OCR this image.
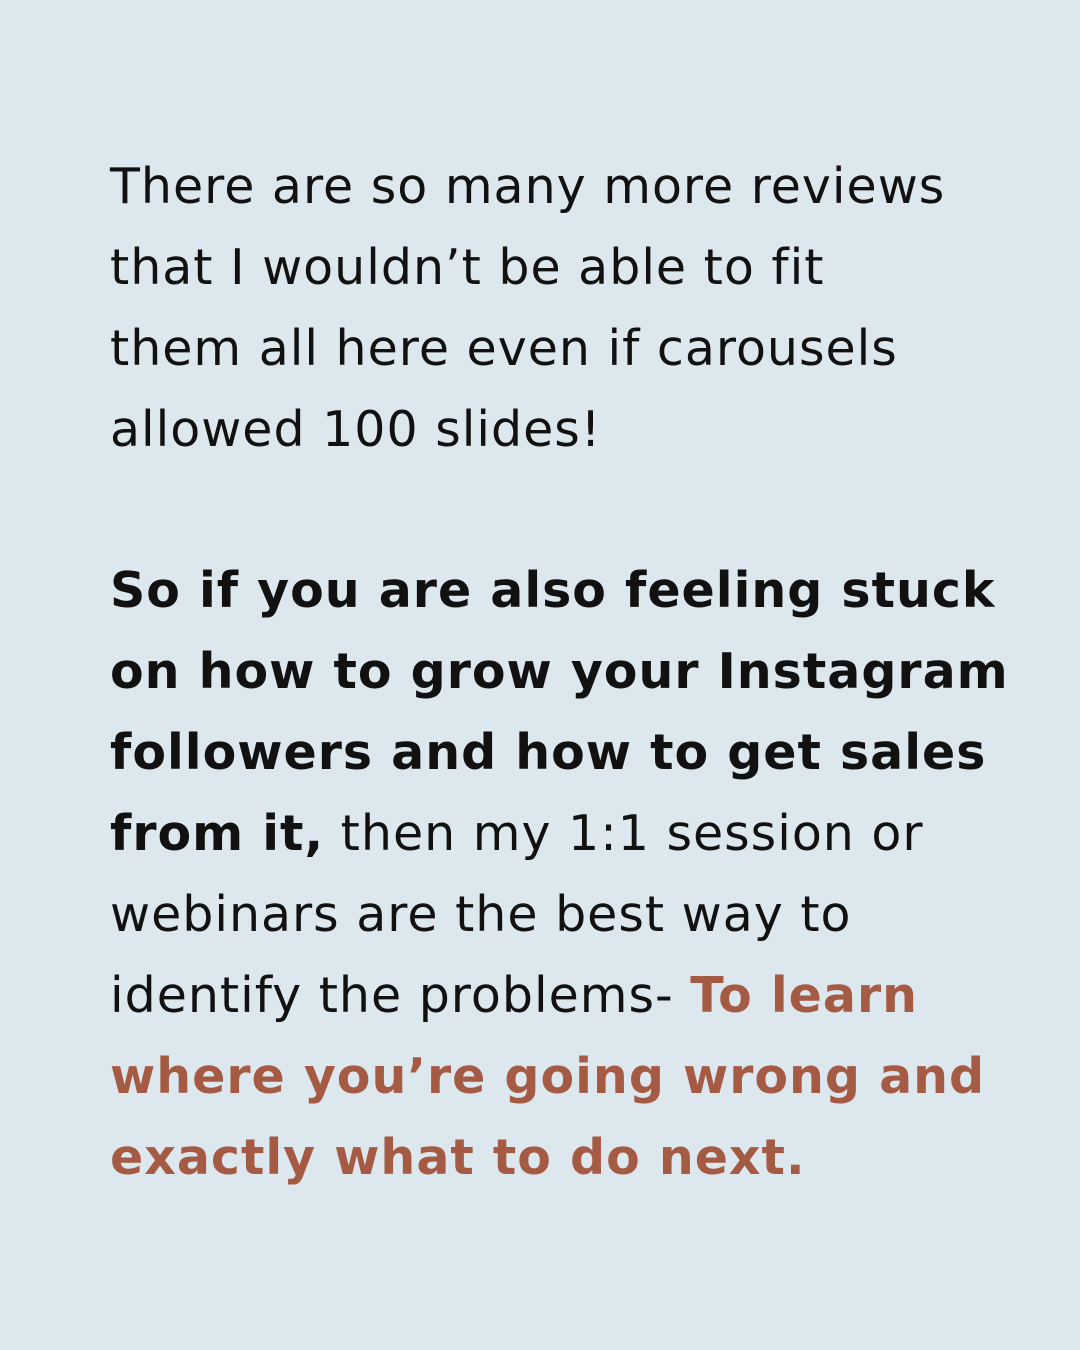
There are so many more reviews
that I wouldn’t be able to fit
them all here even if carousels
allowed 100 slides!

So if you are also feeling stuck
on how to grow your Instagram
followers and how to get sales
from it, then my 1:1 session or
webinars are the best way to
identify the problems- To learn
where you’re going wrong and
exactly what to do next.
